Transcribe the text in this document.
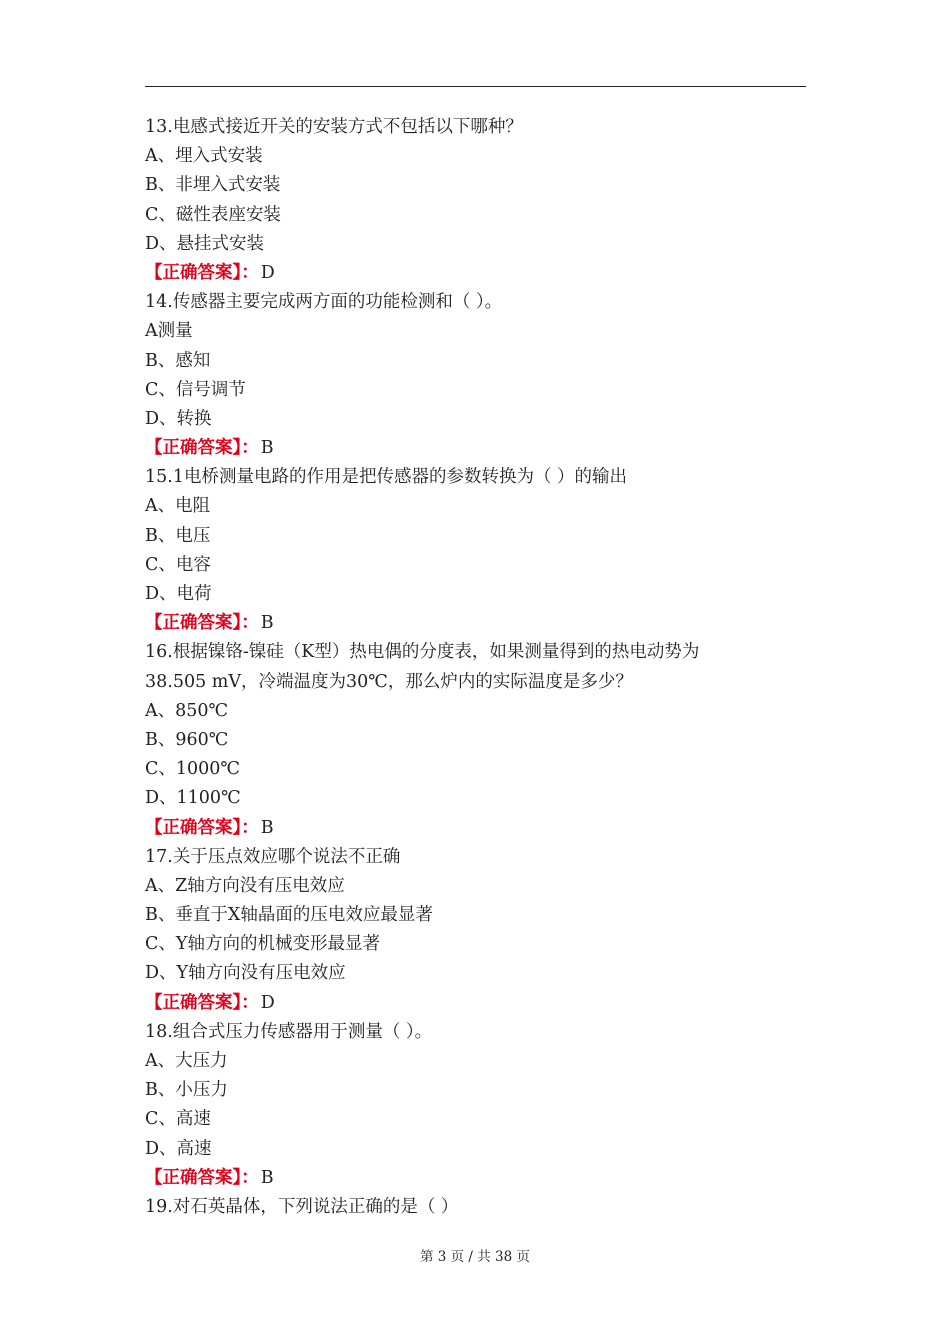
13.电感式接近开关的安装方式不包括以下哪种？
A、埋入式安装
B、非埋入式安装
C、磁性表座安装
D、悬挂式安装
【正确答案】： D
14.传感器主要完成两方面的功能检测和（ ）。
A测量
B、感知
C、信号调节
D、转换
【正确答案】： B
15.1电桥测量电路的作用是把传感器的参数转换为（ ）的输出
A、电阻
B、电压
C、电容
D、电荷
【正确答案】： B
16.根据镍铬-镍硅（K型）热电偶的分度表，如果测量得到的热电动势为
38.505 mV，冷端温度为30℃，那么炉内的实际温度是多少？
A、850℃
B、960℃
C、1000℃
D、1100℃
【正确答案】： B
17.关于压点效应哪个说法不正确
A、Z轴方向没有压电效应
B、垂直于X轴晶面的压电效应最显著
C、Y轴方向的机械变形最显著
D、Y轴方向没有压电效应
【正确答案】： D
18.组合式压力传感器用于测量（ ）。
A、大压力
B、小压力
C、高速
D、高速
【正确答案】： B
19.对石英晶体，下列说法正确的是（ ）
第 3 页 / 共 38 页
